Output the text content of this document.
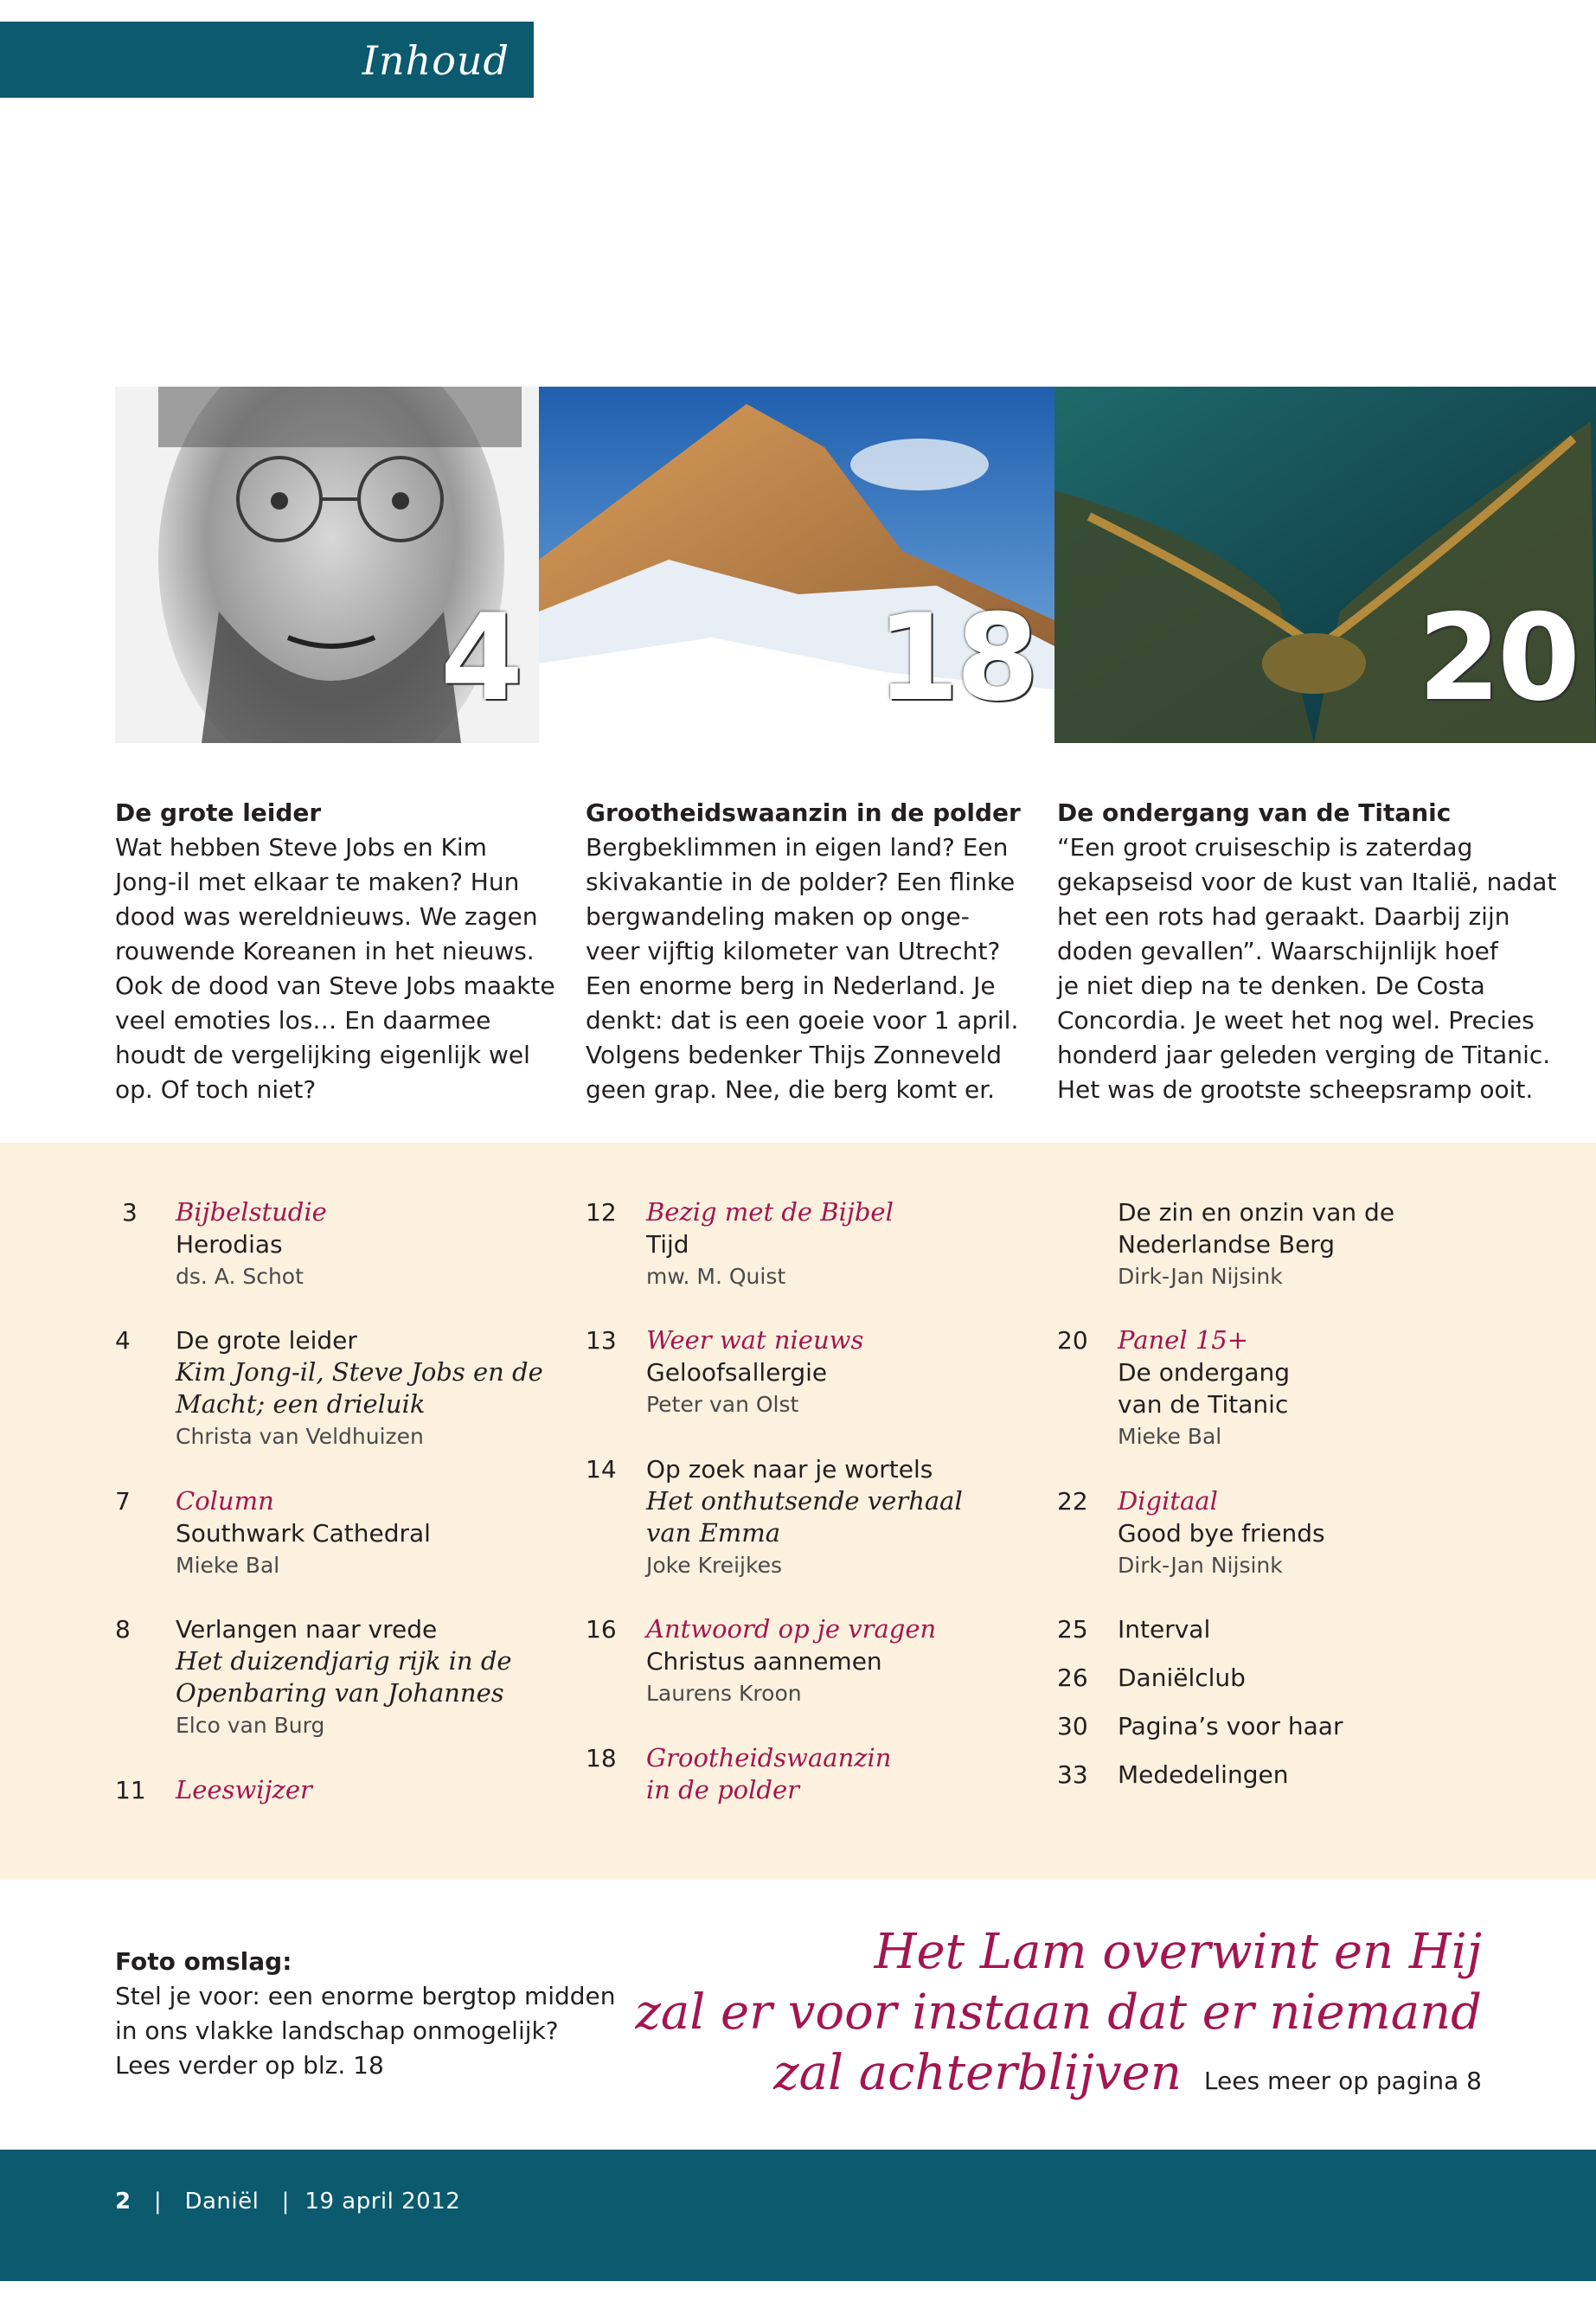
Inhoud
4	18	20
De grote leider

Wat hebben Steve Jobs en Kim

Jong-il met elkaar te maken? Hun

dood was wereldnieuws. We zagen

rouwende Koreanen in het nieuws.

Ook de dood van Steve Jobs maakte

veel emoties los… En daarmee

houdt de vergelijking eigenlijk wel

op. Of toch niet?

Grootheidswaanzin in de polder

Bergbeklimmen in eigen land? Een

skivakantie in de polder? Een flinke

bergwandeling maken op onge-

veer vijftig kilometer van Utrecht?

Een enorme berg in Nederland. Je

denkt: dat is een goeie voor 1 april.

Volgens bedenker Thijs Zonneveld

geen grap. Nee, die berg komt er.

De ondergang van de Titanic

“Een groot cruiseschip is zaterdag

gekapseisd voor de kust van Italië, nadat

het een rots had geraakt. Daarbij zijn

doden gevallen”. Waarschijnlijk hoef

je niet diep na te denken. De Costa

Concordia. Je weet het nog wel. Precies

honderd jaar geleden verging de Titanic.

Het was de grootste scheepsramp ooit.

3	Bijbelstudie
Herodias
ds. A. Schot
4	De grote leider
Kim Jong-il, Steve Jobs en de
Macht; een drieluik
Christa van Veldhuizen
7	Column
Southwark Cathedral
Mieke Bal
8	Verlangen naar vrede
Het duizendjarig rijk in de
Openbaring van Johannes
Elco van Burg
11 Leeswijzer
12 Bezig met de Bijbel
Tijd
mw. M. Quist
13 Weer wat nieuws
Geloofsallergie
Peter van Olst
14 Op zoek naar je wortels
Het onthutsende verhaal
van Emma
Joke Kreijkes
16 Antwoord op je vragen
Christus aannemen
Laurens Kroon
18 Grootheidswaanzin
in de polder
De zin en onzin van de
Nederlandse Berg
Dirk-Jan Nijsink
20 Panel 15+
De ondergang
van de Titanic
Mieke Bal
22 Digitaal
Good bye friends
Dirk-Jan Nijsink
25 Interval
26 Daniëlclub
30 Pagina’s voor haar
33 Mededelingen
Foto omslag:

Stel je voor: een enorme bergtop midden

in ons vlakke landschap onmogelijk?

Lees verder op blz. 18

Het Lam overwint en Hij
zal er voor instaan dat er niemand
zal achterblijven Lees meer op pagina 8
2   |   Daniël   |  19 april 2012
